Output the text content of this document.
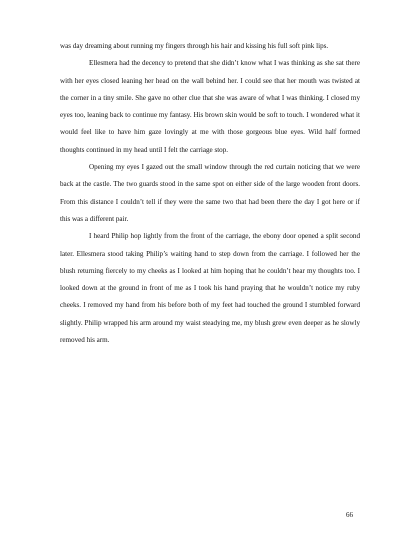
was day dreaming about running my fingers through his hair and kissing his full soft pink lips.

Ellesmera had the decency to pretend that she didn’t know what I was thinking as she sat there with her eyes closed leaning her head on the wall behind her. I could see that her mouth was twisted at the corner in a tiny smile. She gave no other clue that she was aware of what I was thinking. I closed my eyes too, leaning back to continue my fantasy. His brown skin would be soft to touch. I wondered what it would feel like to have him gaze lovingly at me with those gorgeous blue eyes. Wild half formed thoughts continued in my head until I felt the carriage stop.

Opening my eyes I gazed out the small window through the red curtain noticing that we were back at the castle. The two guards stood in the same spot on either side of the large wooden front doors. From this distance I couldn’t tell if they were the same two that had been there the day I got here or if this was a different pair.

I heard Philip hop lightly from the front of the carriage, the ebony door opened a split second later. Ellesmera stood taking Philip’s waiting hand to step down from the carriage. I followed her the blush returning fiercely to my cheeks as I looked at him hoping that he couldn’t hear my thoughts too. I looked down at the ground in front of me as I took his hand praying that he wouldn’t notice my ruby cheeks. I removed my hand from his before both of my feet had touched the ground I stumbled forward slightly. Philip wrapped his arm around my waist steadying me, my blush grew even deeper as he slowly removed his arm.

66
